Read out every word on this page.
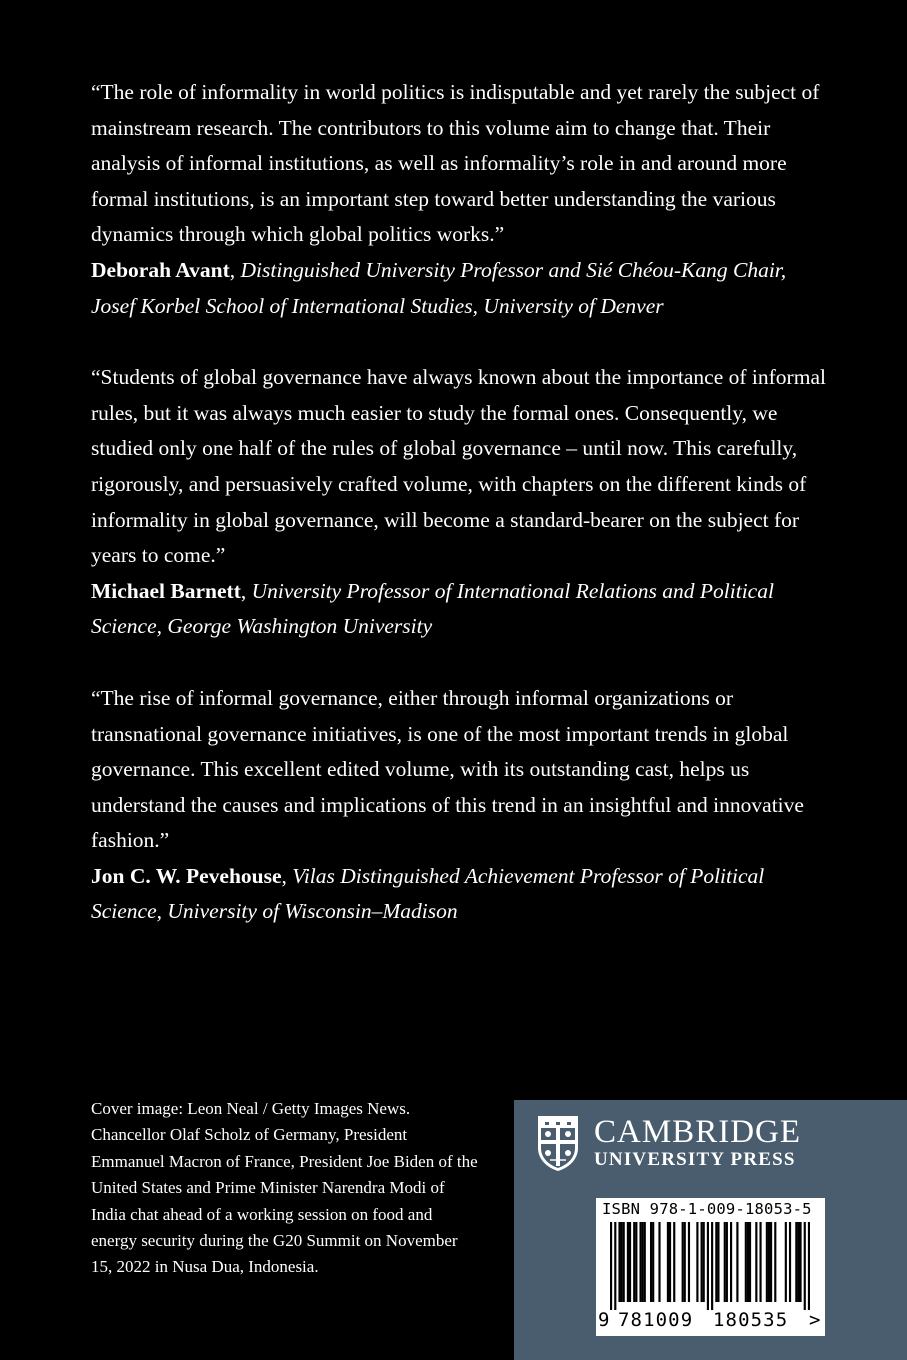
“The role of informality in world politics is indisputable and yet rarely the subject of mainstream research. The contributors to this volume aim to change that. Their analysis of informal institutions, as well as informality’s role in and around more formal institutions, is an important step toward better understanding the various dynamics through which global politics works.”

Deborah Avant, Distinguished University Professor and Sié Chéou-Kang Chair, Josef Korbel School of International Studies, University of Denver

“Students of global governance have always known about the importance of informal rules, but it was always much easier to study the formal ones. Consequently, we studied only one half of the rules of global governance – until now. This carefully, rigorously, and persuasively crafted volume, with chapters on the different kinds of informality in global governance, will become a standard-bearer on the subject for years to come.”

Michael Barnett, University Professor of International Relations and Political Science, George Washington University

“The rise of informal governance, either through informal organizations or transnational governance initiatives, is one of the most important trends in global governance. This excellent edited volume, with its outstanding cast, helps us understand the causes and implications of this trend in an insightful and innovative fashion.”

Jon C. W. Pevehouse, Vilas Distinguished Achievement Professor of Political Science, University of Wisconsin–Madison

Cover image: Leon Neal / Getty Images News. Chancellor Olaf Scholz of Germany, President Emmanuel Macron of France, President Joe Biden of the United States and Prime Minister Narendra Modi of India chat ahead of a working session on food and energy security during the G20 Summit on November 15, 2022 in Nusa Dua, Indonesia.

CAMBRIDGE
UNIVERSITY PRESS
ISBN 978-1-009-18053-5
9 781009 180535 >
